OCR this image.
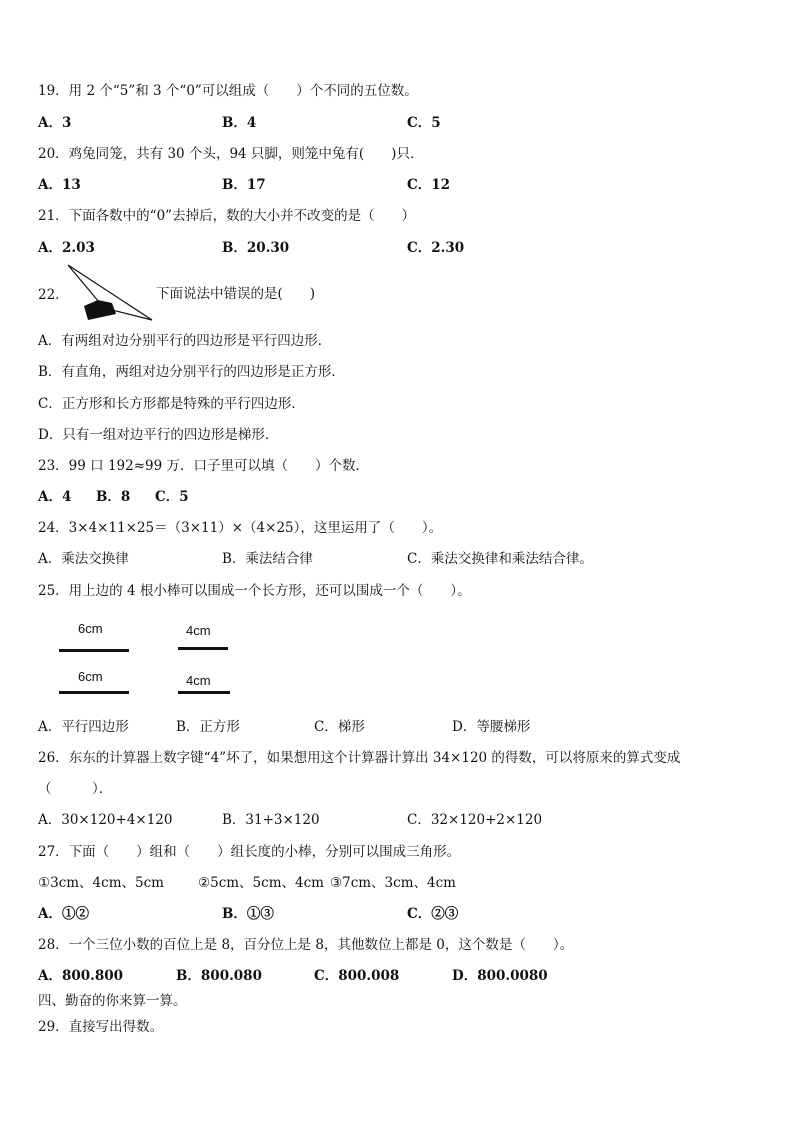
19．用 2 个“5”和 3 个“0”可以组成（　　）个不同的五位数。
A．3	B．4	C．5
20．鸡兔同笼，共有 30 个头，94 只脚，则笼中兔有(　　)只．
A．13	B．17	C．12
21．下面各数中的“0”去掉后，数的大小并不改变的是（　　）
A．2.03	B．20.30	C．2.30
22．	下面说法中错误的是(　　)
A．有两组对边分别平行的四边形是平行四边形．
B．有直角，两组对边分别平行的四边形是正方形．
C．正方形和长方形都是特殊的平行四边形．
D．只有一组对边平行的四边形是梯形．
23．99 口 192≈99 万．口子里可以填（　　）个数．
A．4 B．8 C．5
24．3×4×11×25＝（3×11）×（4×25），这里运用了（　　）。
A．乘法交换律	B．乘法结合律	C．乘法交换律和乘法结合律。
25．用上边的 4 根小棒可以围成一个长方形，还可以围成一个（　　）。
6cm	4cm
6cm	4cm
A．平行四边形	B．正方形	C．梯形	D．等腰梯形
26．东东的计算器上数字键“4”坏了，如果想用这个计算器计算出 34×120 的得数，可以将原来的算式变成
（　　　）．
A．30×120+4×120	B．31+3×120	C．32×120+2×120
27．下面（　　）组和（　　）组长度的小棒，分别可以围成三角形。
①3cm、4cm、5cm	②5cm、5cm、4cm ③7cm、3cm、4cm
A．①②	B．①③	C．②③
28．一个三位小数的百位上是 8，百分位上是 8，其他数位上都是 0，这个数是（　　）。
A．800.800	B．800.080	C．800.008	D．800.0080
四、勤奋的你来算一算。
29．直接写出得数。
